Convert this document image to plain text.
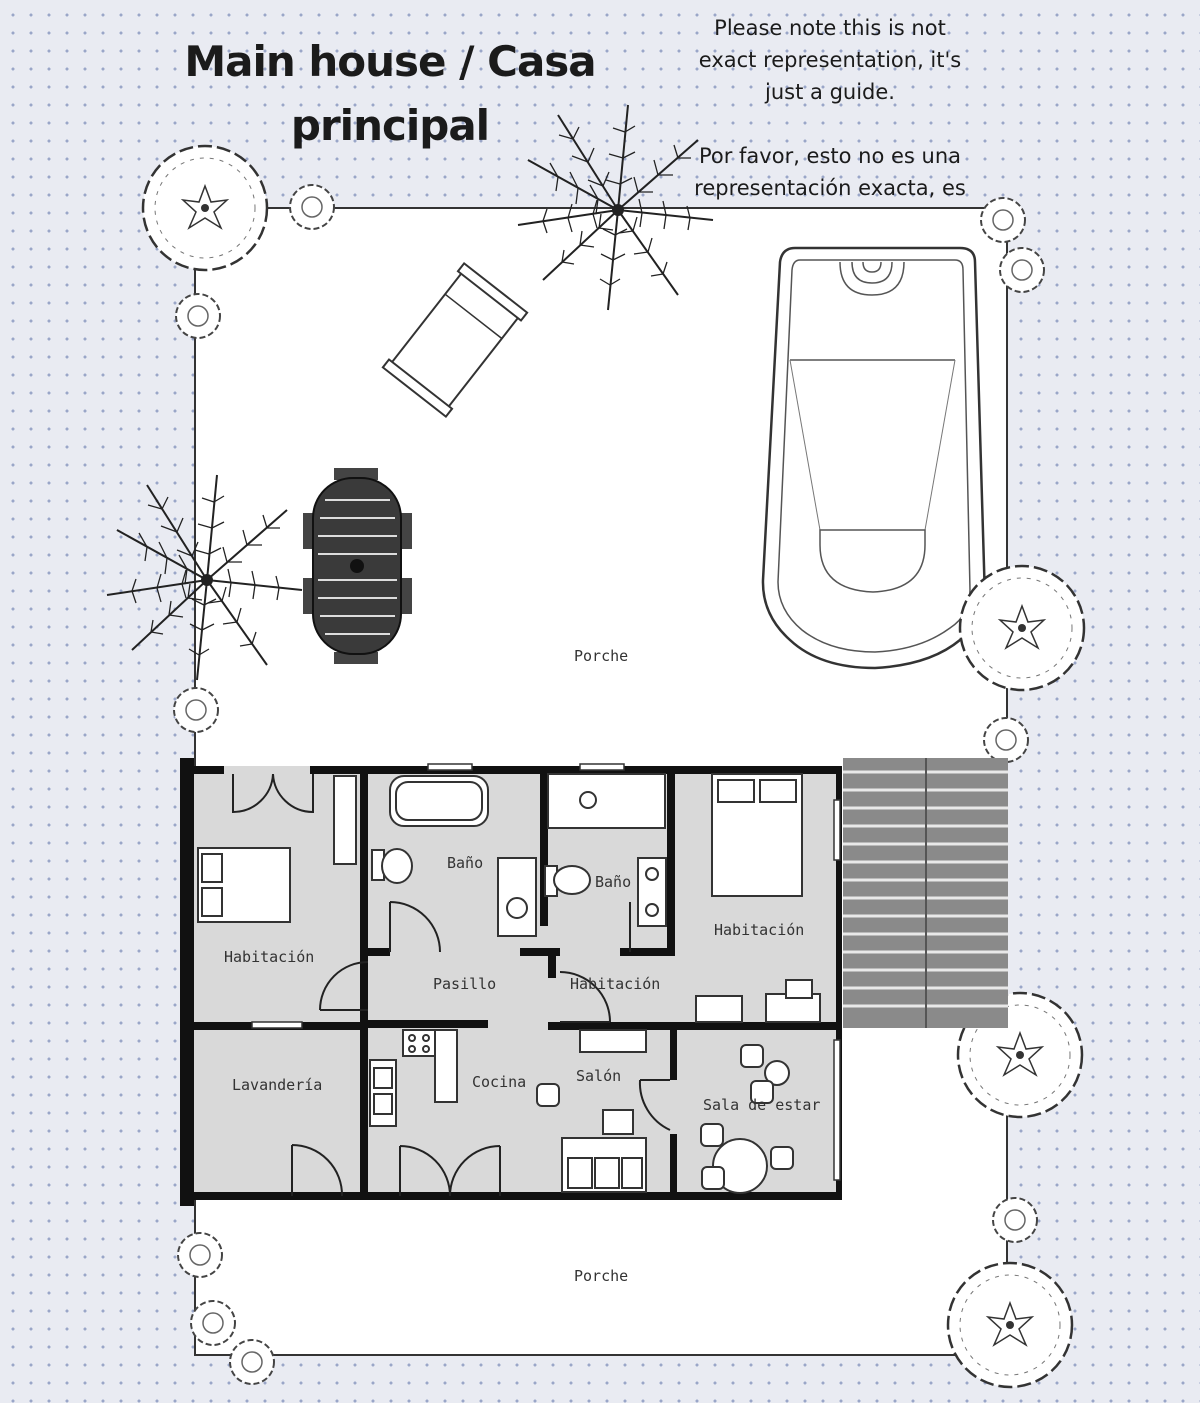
Main house / Casa principal

Please note this is not exact representation, it's just a guide.

Por favor, esto no es una representación exacta, es

Porche
Porche
Habitación
Baño
Baño
Habitación
Pasillo	Habitación
Lavandería	Cocina	Salón
Sala de estar
